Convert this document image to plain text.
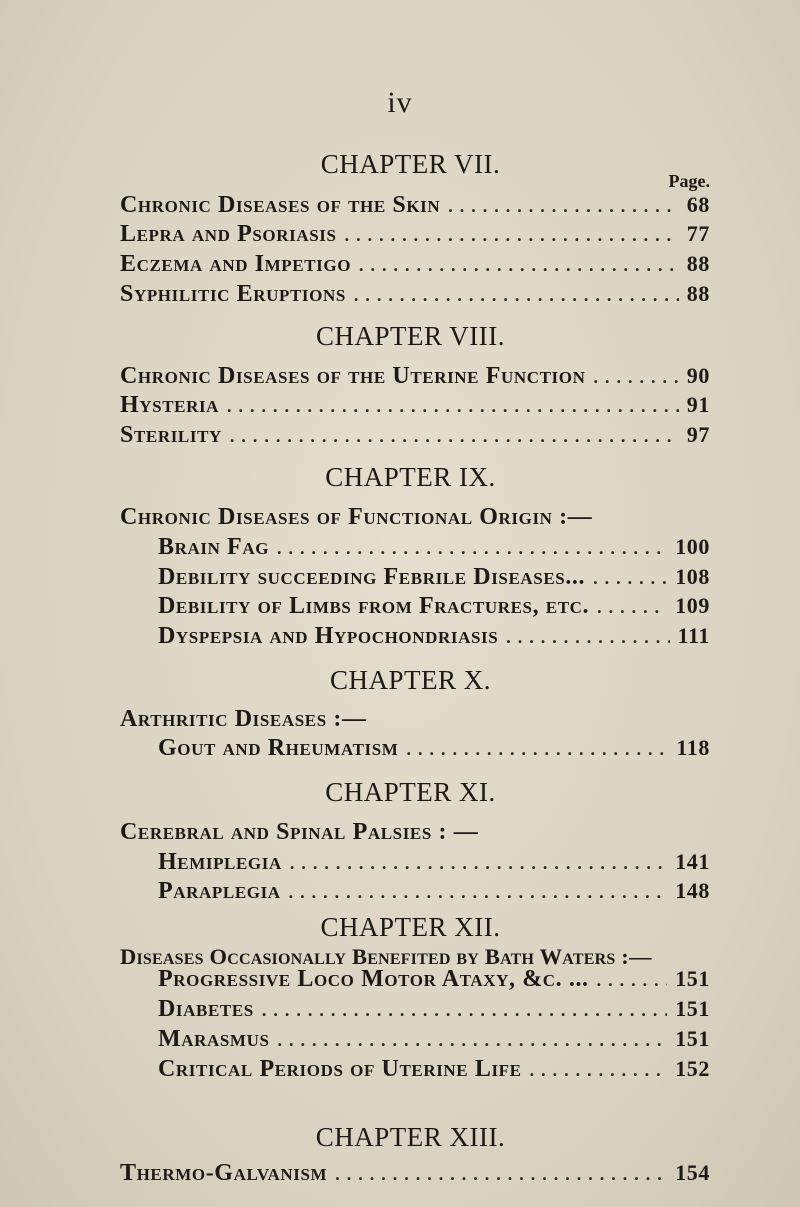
iv
Page.
CHAPTER VII.
Chronic Diseases of the Skin .....	68
Lepra and Psoriasis .....	77
Eczema and Impetigo .....	88
Syphilitic Eruptions .....	88
CHAPTER VIII.
Chronic Diseases of the Uterine Function .....	90
Hysteria .....	91
Sterility .....	97
CHAPTER IX.
Chronic Diseases of Functional Origin :—
Brain Fag .....	100
Debility succeeding Febrile Diseases... .....	108
Debility of Limbs from Fractures, etc. .....	109
Dyspepsia and Hypochondriasis .....	111
CHAPTER X.
Arthritic Diseases :—
Gout and Rheumatism .....	118
CHAPTER XI.
Cerebral and Spinal Palsies : —
Hemiplegia .....	141
Paraplegia .....	148
CHAPTER XII.
Diseases Occasionally Benefited by Bath Waters :—
Progressive Loco Motor Ataxy, &c. ... .....	151
Diabetes .....	151
Marasmus .....	151
Critical Periods of Uterine Life .....	152
CHAPTER XIII.
Thermo-Galvanism .....	154
